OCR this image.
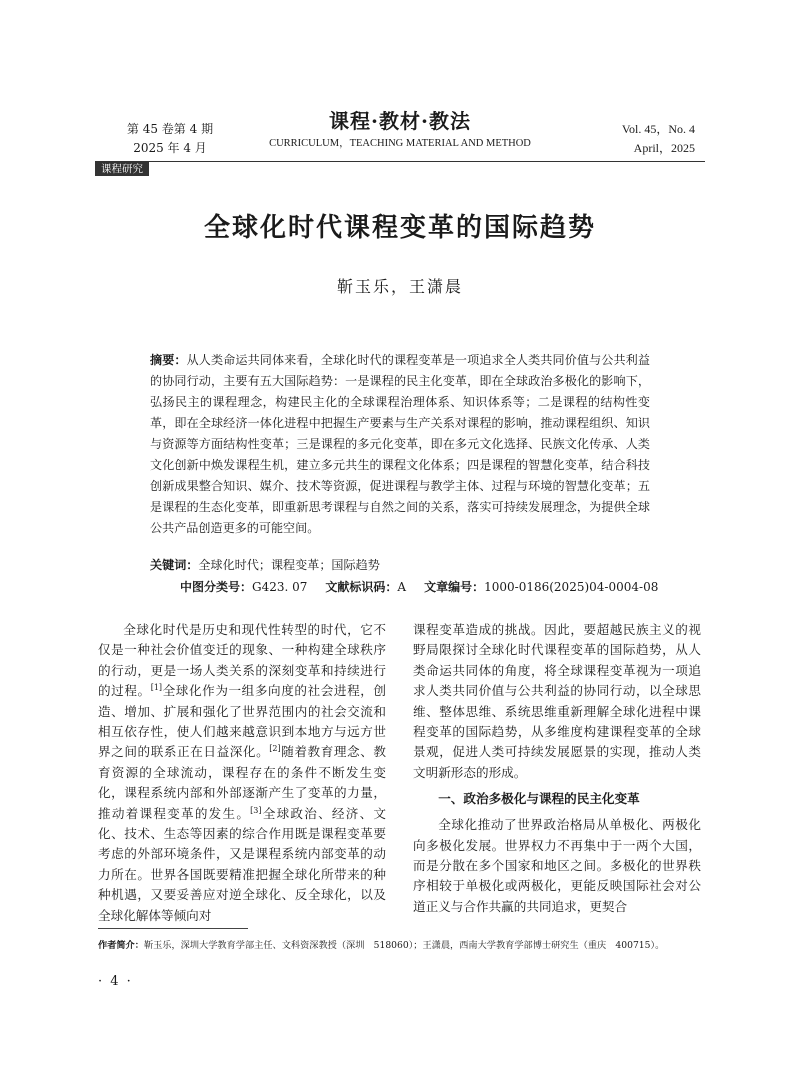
第 45 卷第 4 期
2025 年 4 月
课程·教材·教法
CURRICULUM，TEACHING MATERIAL AND METHOD
Vol. 45，No. 4
April，2025
课程研究
全球化时代课程变革的国际趋势
靳玉乐，王潇晨
摘要：从人类命运共同体来看，全球化时代的课程变革是一项追求全人类共同价值与公共利益的协同行动，主要有五大国际趋势：一是课程的民主化变革，即在全球政治多极化的影响下，弘扬民主的课程理念，构建民主化的全球课程治理体系、知识体系等；二是课程的结构性变革，即在全球经济一体化进程中把握生产要素与生产关系对课程的影响，推动课程组织、知识与资源等方面结构性变革；三是课程的多元化变革，即在多元文化选择、民族文化传承、人类文化创新中焕发课程生机，建立多元共生的课程文化体系；四是课程的智慧化变革，结合科技创新成果整合知识、媒介、技术等资源，促进课程与教学主体、过程与环境的智慧化变革；五是课程的生态化变革，即重新思考课程与自然之间的关系，落实可持续发展理念，为提供全球公共产品创造更多的可能空间。
关键词：全球化时代；课程变革；国际趋势
中图分类号：G423. 07 文献标识码：A 文章编号：1000-0186(2025)04-0004-08

全球化时代是历史和现代性转型的时代，它不仅是一种社会价值变迁的现象、一种构建全球秩序的行动，更是一场人类关系的深刻变革和持续进行的过程。[1]全球化作为一组多向度的社会进程，创造、增加、扩展和强化了世界范围内的社会交流和相互依存性，使人们越来越意识到本地方与远方世界之间的联系正在日益深化。[2]随着教育理念、教育资源的全球流动，课程存在的条件不断发生变化，课程系统内部和外部逐渐产生了变革的力量，推动着课程变革的发生。[3]全球政治、经济、文化、技术、生态等因素的综合作用既是课程变革要考虑的外部环境条件，又是课程系统内部变革的动力所在。世界各国既要精准把握全球化所带来的种种机遇，又要妥善应对逆全球化、反全球化，以及全球化解体等倾向对

课程变革造成的挑战。因此，要超越民族主义的视野局限探讨全球化时代课程变革的国际趋势，从人类命运共同体的角度，将全球课程变革视为一项追求人类共同价值与公共利益的协同行动，以全球思维、整体思维、系统思维重新理解全球化进程中课程变革的国际趋势，从多维度构建课程变革的全球景观，促进人类可持续发展愿景的实现，推动人类文明新形态的形成。

一、政治多极化与课程的民主化变革

全球化推动了世界政治格局从单极化、两极化向多极化发展。世界权力不再集中于一两个大国，而是分散在多个国家和地区之间。多极化的世界秩序相较于单极化或两极化，更能反映国际社会对公道正义与合作共赢的共同追求，更契合

作者简介：靳玉乐，深圳大学教育学部主任、文科资深教授（深圳　518060）；王潇晨，西南大学教育学部博士研究生（重庆　400715）。
· 4 ·
